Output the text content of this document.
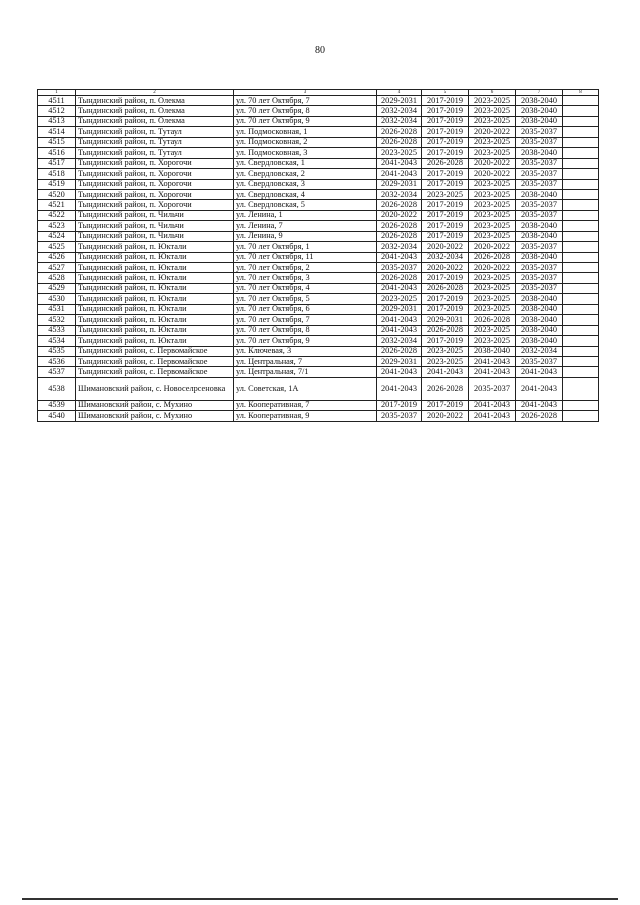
80
1	2	3	4	5	6	7	8
4511	Тындинский район, п. Олекма	ул. 70 лет Октября, 7	2029-2031	2017-2019	2023-2025	2038-2040	
4512	Тындинский район, п. Олекма	ул. 70 лет Октября, 8	2032-2034	2017-2019	2023-2025	2038-2040	
4513	Тындинский район, п. Олекма	ул. 70 лет Октября, 9	2032-2034	2017-2019	2023-2025	2038-2040	
4514	Тындинский район, п. Тутаул	ул. Подмосковная, 1	2026-2028	2017-2019	2020-2022	2035-2037	
4515	Тындинский район, п. Тутаул	ул. Подмосковная, 2	2026-2028	2017-2019	2023-2025	2035-2037	
4516	Тындинский район, п. Тутаул	ул. Подмосковная, 3	2023-2025	2017-2019	2023-2025	2038-2040	
4517	Тындинский район, п. Хорогочи	ул. Свердловская, 1	2041-2043	2026-2028	2020-2022	2035-2037	
4518	Тындинский район, п. Хорогочи	ул. Свердловская, 2	2041-2043	2017-2019	2020-2022	2035-2037	
4519	Тындинский район, п. Хорогочи	ул. Свердловская, 3	2029-2031	2017-2019	2023-2025	2035-2037	
4520	Тындинский район, п. Хорогочи	ул. Свердловская, 4	2032-2034	2023-2025	2023-2025	2038-2040	
4521	Тындинский район, п. Хорогочи	ул. Свердловская, 5	2026-2028	2017-2019	2023-2025	2035-2037	
4522	Тындинский район, п. Чильчи	ул. Ленина, 1	2020-2022	2017-2019	2023-2025	2035-2037	
4523	Тындинский район, п. Чильчи	ул. Ленина, 7	2026-2028	2017-2019	2023-2025	2038-2040	
4524	Тындинский район, п. Чильчи	ул. Ленина, 9	2026-2028	2017-2019	2023-2025	2038-2040	
4525	Тындинский район, п. Юктали	ул. 70 лет Октября, 1	2032-2034	2020-2022	2020-2022	2035-2037	
4526	Тындинский район, п. Юктали	ул. 70 лет Октября, 11	2041-2043	2032-2034	2026-2028	2038-2040	
4527	Тындинский район, п. Юктали	ул. 70 лет Октября, 2	2035-2037	2020-2022	2020-2022	2035-2037	
4528	Тындинский район, п. Юктали	ул. 70 лет Октября, 3	2026-2028	2017-2019	2023-2025	2035-2037	
4529	Тындинский район, п. Юктали	ул. 70 лет Октября, 4	2041-2043	2026-2028	2023-2025	2035-2037	
4530	Тындинский район, п. Юктали	ул. 70 лет Октября, 5	2023-2025	2017-2019	2023-2025	2038-2040	
4531	Тындинский район, п. Юктали	ул. 70 лет Октября, 6	2029-2031	2017-2019	2023-2025	2038-2040	
4532	Тындинский район, п. Юктали	ул. 70 лет Октября, 7	2041-2043	2029-2031	2026-2028	2038-2040	
4533	Тындинский район, п. Юктали	ул. 70 лет Октября, 8	2041-2043	2026-2028	2023-2025	2038-2040	
4534	Тындинский район, п. Юктали	ул. 70 лет Октября, 9	2032-2034	2017-2019	2023-2025	2038-2040	
4535	Тындинский район, с. Первомайское	ул. Ключевая, 3	2026-2028	2023-2025	2038-2040	2032-2034	
4536	Тындинский район, с. Первомайское	ул. Центральная, 7	2029-2031	2023-2025	2041-2043	2035-2037	
4537	Тындинский район, с. Первомайское	ул. Центральная, 7/1	2041-2043	2041-2043	2041-2043	2041-2043	
4538	Шимановский район, с. Новоселрсеновка	ул. Советская, 1А	2041-2043	2026-2028	2035-2037	2041-2043	
4539	Шимановский район, с. Мухино	ул. Кооперативная, 7	2017-2019	2017-2019	2041-2043	2041-2043	
4540	Шимановский район, с. Мухино	ул. Кооперативная, 9	2035-2037	2020-2022	2041-2043	2026-2028	
